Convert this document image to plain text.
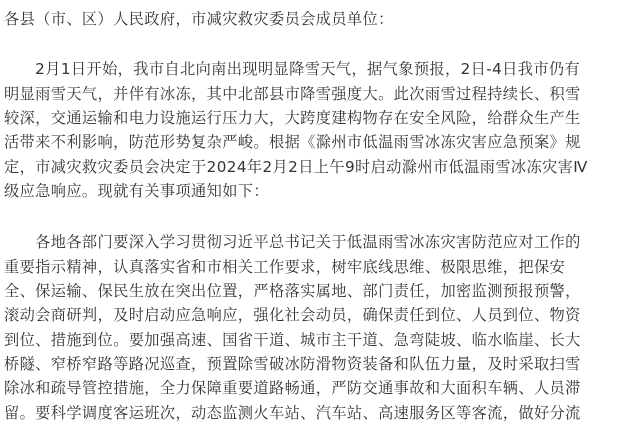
各县（市、区）人民政府，市减灾救灾委员会成员单位：

　　2月1日开始，我市自北向南出现明显降雪天气，据气象预报，2日-4日我市仍有

明显雨雪天气，并伴有冰冻，其中北部县市降雪强度大。此次雨雪过程持续长、积雪

较深，交通运输和电力设施运行压力大，大跨度建构物存在安全风险，给群众生产生

活带来不利影响，防范形势复杂严峻。根据《滁州市低温雨雪冰冻灾害应急预案》规

定，市减灾救灾委员会决定于2024年2月2日上午9时启动滁州市低温雨雪冰冻灾害Ⅳ

级应急响应。现就有关事项通知如下：

　　各地各部门要深入学习贯彻习近平总书记关于低温雨雪冰冻灾害防范应对工作的

重要指示精神，认真落实省和市相关工作要求，树牢底线思维、极限思维，把保安

全、保运输、保民生放在突出位置，严格落实属地、部门责任，加密监测预报预警，

滚动会商研判，及时启动应急响应，强化社会动员，确保责任到位、人员到位、物资

到位、措施到位。要加强高速、国省干道、城市主干道、急弯陡坡、临水临崖、长大

桥隧、窄桥窄路等路况巡查，预置除雪破冰防滑物资装备和队伍力量，及时采取扫雪

除冰和疏导管控措施，全力保障重要道路畅通，严防交通事故和大面积车辆、人员滞

留。要科学调度客运班次，动态监测火车站、汽车站、高速服务区等客流，做好分流
